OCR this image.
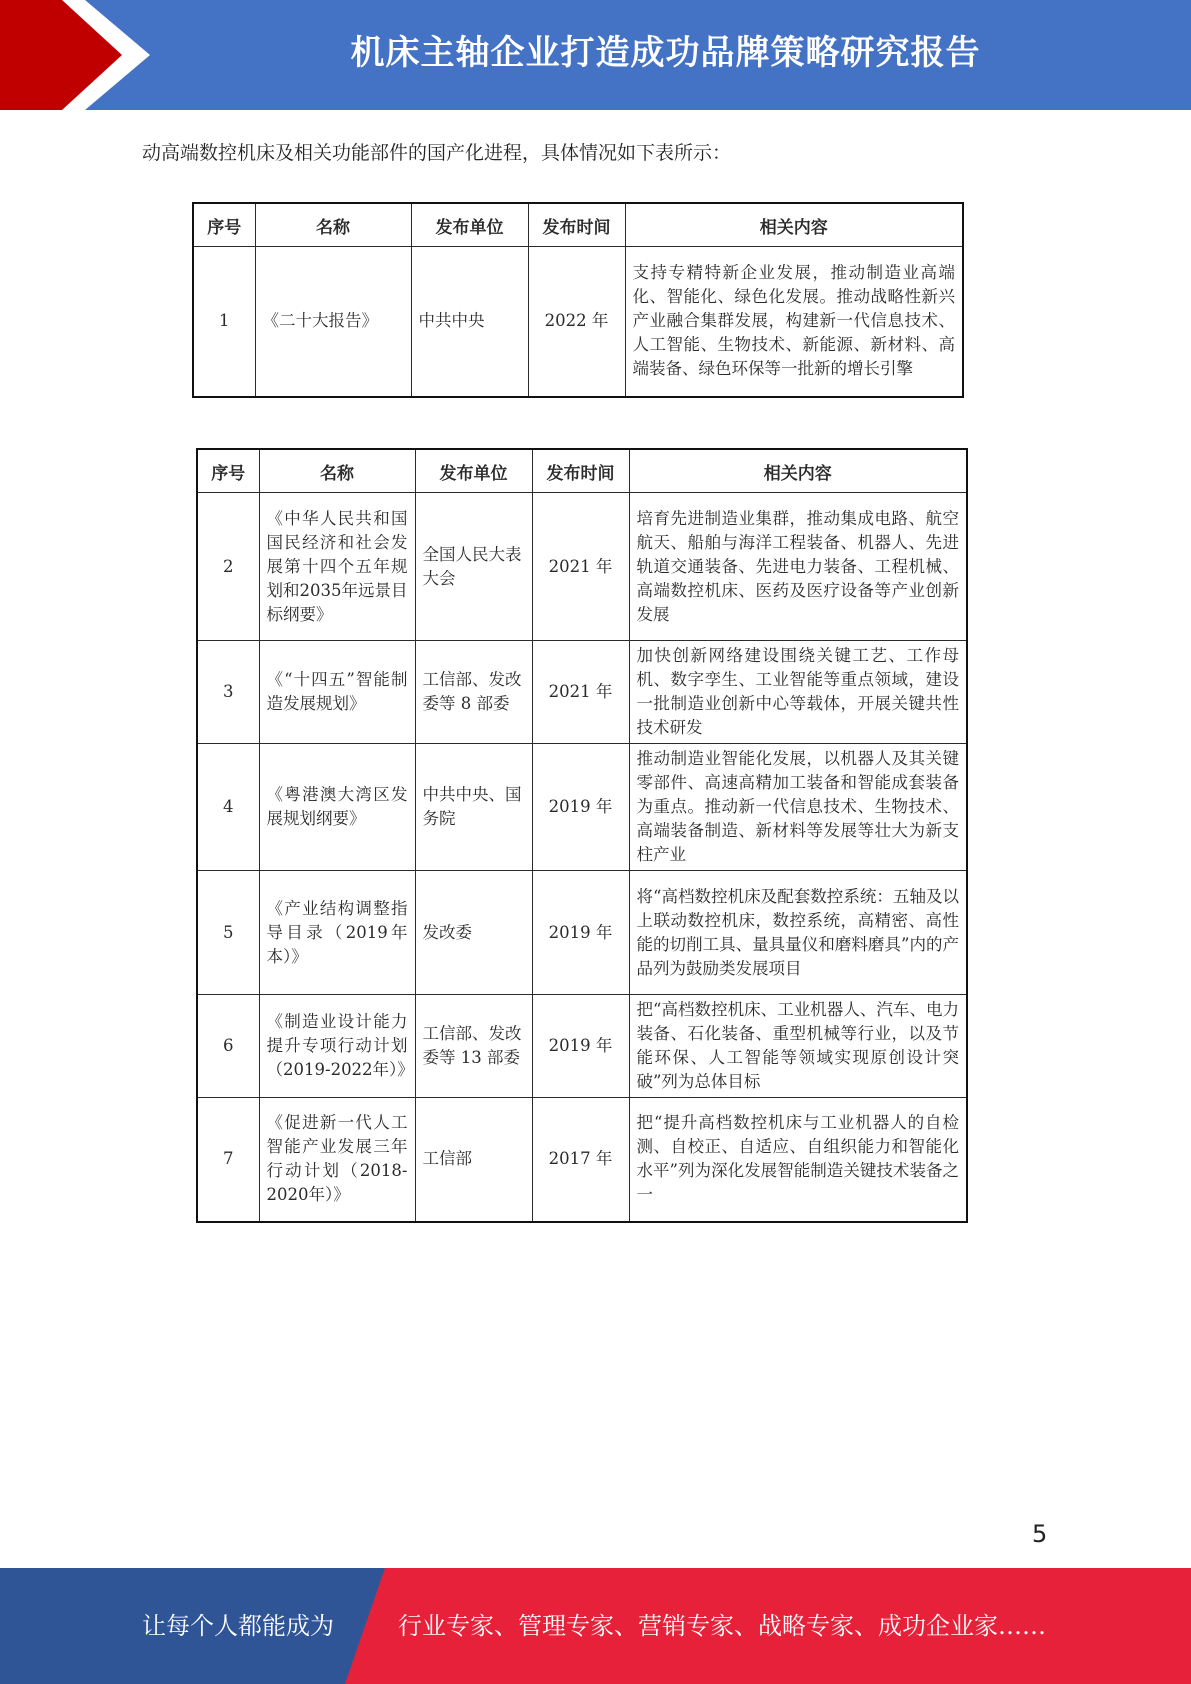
机床主轴企业打造成功品牌策略研究报告
动高端数控机床及相关功能部件的国产化进程，具体情况如下表所示：
序号	名称	发布单位	发布时间	相关内容
1	《二十大报告》	中共中央	2022 年	支持专精特新企业发展，推动制造业高端化、智能化、绿色化发展。推动战略性新兴产业融合集群发展，构建新一代信息技术、人工智能、生物技术、新能源、新材料、高端装备、绿色环保等一批新的增长引擎
序号	名称	发布单位	发布时间	相关内容
2	《中华人民共和国国民经济和社会发展第十四个五年规划和2035年远景目标纲要》	全国人民大表大会	2021 年	培育先进制造业集群，推动集成电路、航空航天、船舶与海洋工程装备、机器人、先进轨道交通装备、先进电力装备、工程机械、高端数控机床、医药及医疗设备等产业创新发展
3	《“十四五”智能制造发展规划》	工信部、发改委等 8 部委	2021 年	加快创新网络建设围绕关键工艺、工作母机、数字孪生、工业智能等重点领域，建设一批制造业创新中心等载体，开展关键共性技术研发
4	《粤港澳大湾区发展规划纲要》	中共中央、国务院	2019 年	推动制造业智能化发展，以机器人及其关键零部件、高速高精加工装备和智能成套装备为重点。推动新一代信息技术、生物技术、高端装备制造、新材料等发展等壮大为新支柱产业
5	《产业结构调整指导目录（2019年本）》	发改委	2019 年	将“高档数控机床及配套数控系统：五轴及以上联动数控机床，数控系统，高精密、高性能的切削工具、量具量仪和磨料磨具”内的产品列为鼓励类发展项目
6	《制造业设计能力提升专项行动计划（2019-2022年）》	工信部、发改委等 13 部委	2019 年	把“高档数控机床、工业机器人、汽车、电力装备、石化装备、重型机械等行业，以及节能环保、人工智能等领域实现原创设计突破”列为总体目标
7	《促进新一代人工智能产业发展三年行动计划（2018-2020年）》	工信部	2017 年	把“提升高档数控机床与工业机器人的自检测、自校正、自适应、自组织能力和智能化水平”列为深化发展智能制造关键技术装备之一
5
让每个人都能成为	行业专家、管理专家、营销专家、战略专家、成功企业家……
